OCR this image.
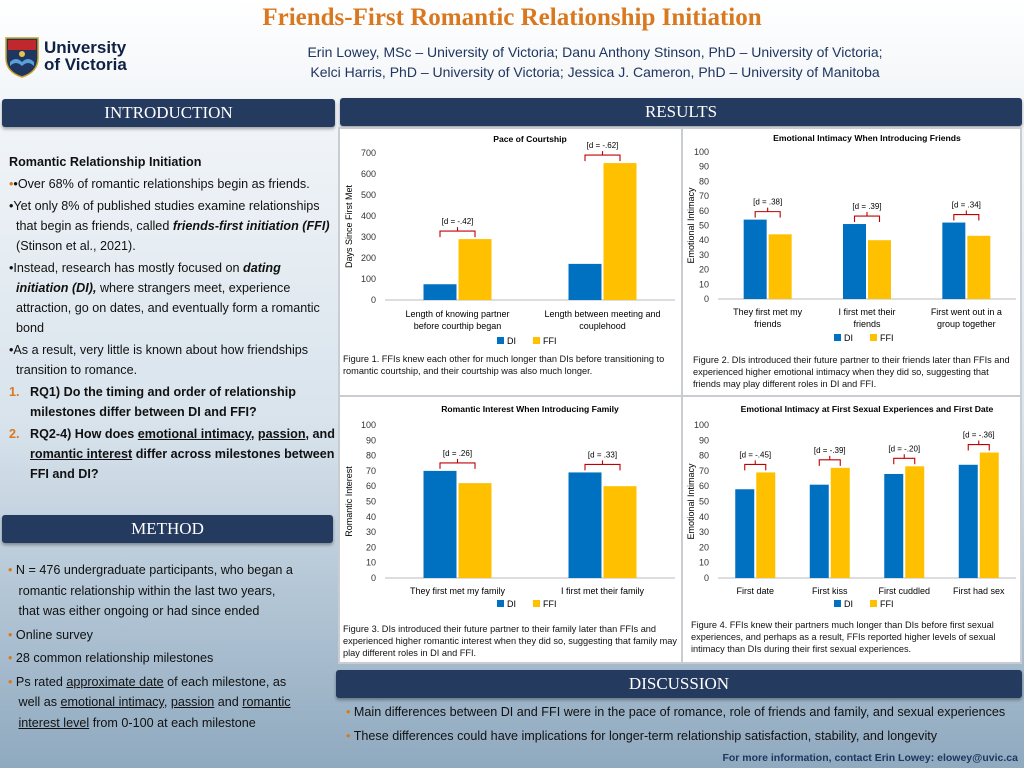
Friends-First Romantic Relationship Initiation
Erin Lowey, MSc – University of Victoria; Danu Anthony Stinson, PhD – University of Victoria;
Kelci Harris, PhD – University of Victoria; Jessica J. Cameron, PhD – University of Manitoba
University
of Victoria
INTRODUCTION	RESULTS
METHOD
DISCUSSION

Romantic Relationship Initiation

••Over 68% of romantic relationships begin as friends.

•Yet only 8% of published studies examine relationships
that begin as friends, called friends-first initiation (FFI)
(Stinson et al., 2021).

•Instead, research has mostly focused on dating
initiation (DI), where strangers meet, experience
attraction, go on dates, and eventually form a romantic
bond

•As a result, very little is known about how friendships
transition to romance.

1. RQ1) Do the timing and order of relationship
milestones differ between DI and FFI?

2. RQ2-4) How does emotional intimacy, passion, and
romantic interest differ across milestones between
FFI and DI?

• N = 476 undergraduate participants, who began a
romantic relationship within the last two years,
that was either ongoing or had since ended

• Online survey

• 28 common relationship milestones

• Ps rated approximate date of each milestone, as
well as emotional intimacy, passion and romantic
interest level from 0-100 at each milestone

Pace of Courtship
0
100
200
300
400
500
600
700
Days Since First Met	[d = -.42]
Length of knowing partner
before courthip began
[d = -.62]
Length between meeting and
couplehood
DI	FFI
Figure 1. FFIs knew each other for much longer than DIs before transitioning to romantic courtship, and their courtship was also much longer.
Emotional Intimacy When Introducing Friends
0
10
20
30
40
50
60
70
80
90
100
Emotional Intimacy	[d = .38]
They first met my
friends
[d = .39]
I first met their
friends
[d = .34]
First went out in a
group together
DI	FFI
Figure 2. DIs introduced their future partner to their friends later than FFIs and experienced higher emotional intimacy when they did so, suggesting that friends may play different roles in DI and FFI.
Romantic Interest When Introducing Family
0
10
20
30
40
50
60
70
80
90
100
Romantic Interest
[d = .26]
They first met my family
[d = .33]
I first met their family
DI	FFI
Figure 3. DIs introduced their future partner to their family later than FFIs and experienced higher romantic interest when they did so, suggesting that family may play different roles in DI and FFI.
Emotional Intimacy at First Sexual Experiences and First Date
0
10
20
30
40
50
60
70
80
90
100
Emotional Intimacy
[d = -.45]
First date
[d = -.39]
First kiss
[d = -.20]
First cuddled
[d = -.36]
First had sex
DI	FFI
Figure 4. FFIs knew their partners much longer than DIs before first sexual experiences, and perhaps as a result, FFIs reported higher levels of sexual intimacy than DIs during their first sexual experiences.
• Main differences between DI and FFI were in the pace of romance, role of friends and family, and sexual experiences
• These differences could have implications for longer-term relationship satisfaction, stability, and longevity
For more information, contact Erin Lowey: elowey@uvic.ca
